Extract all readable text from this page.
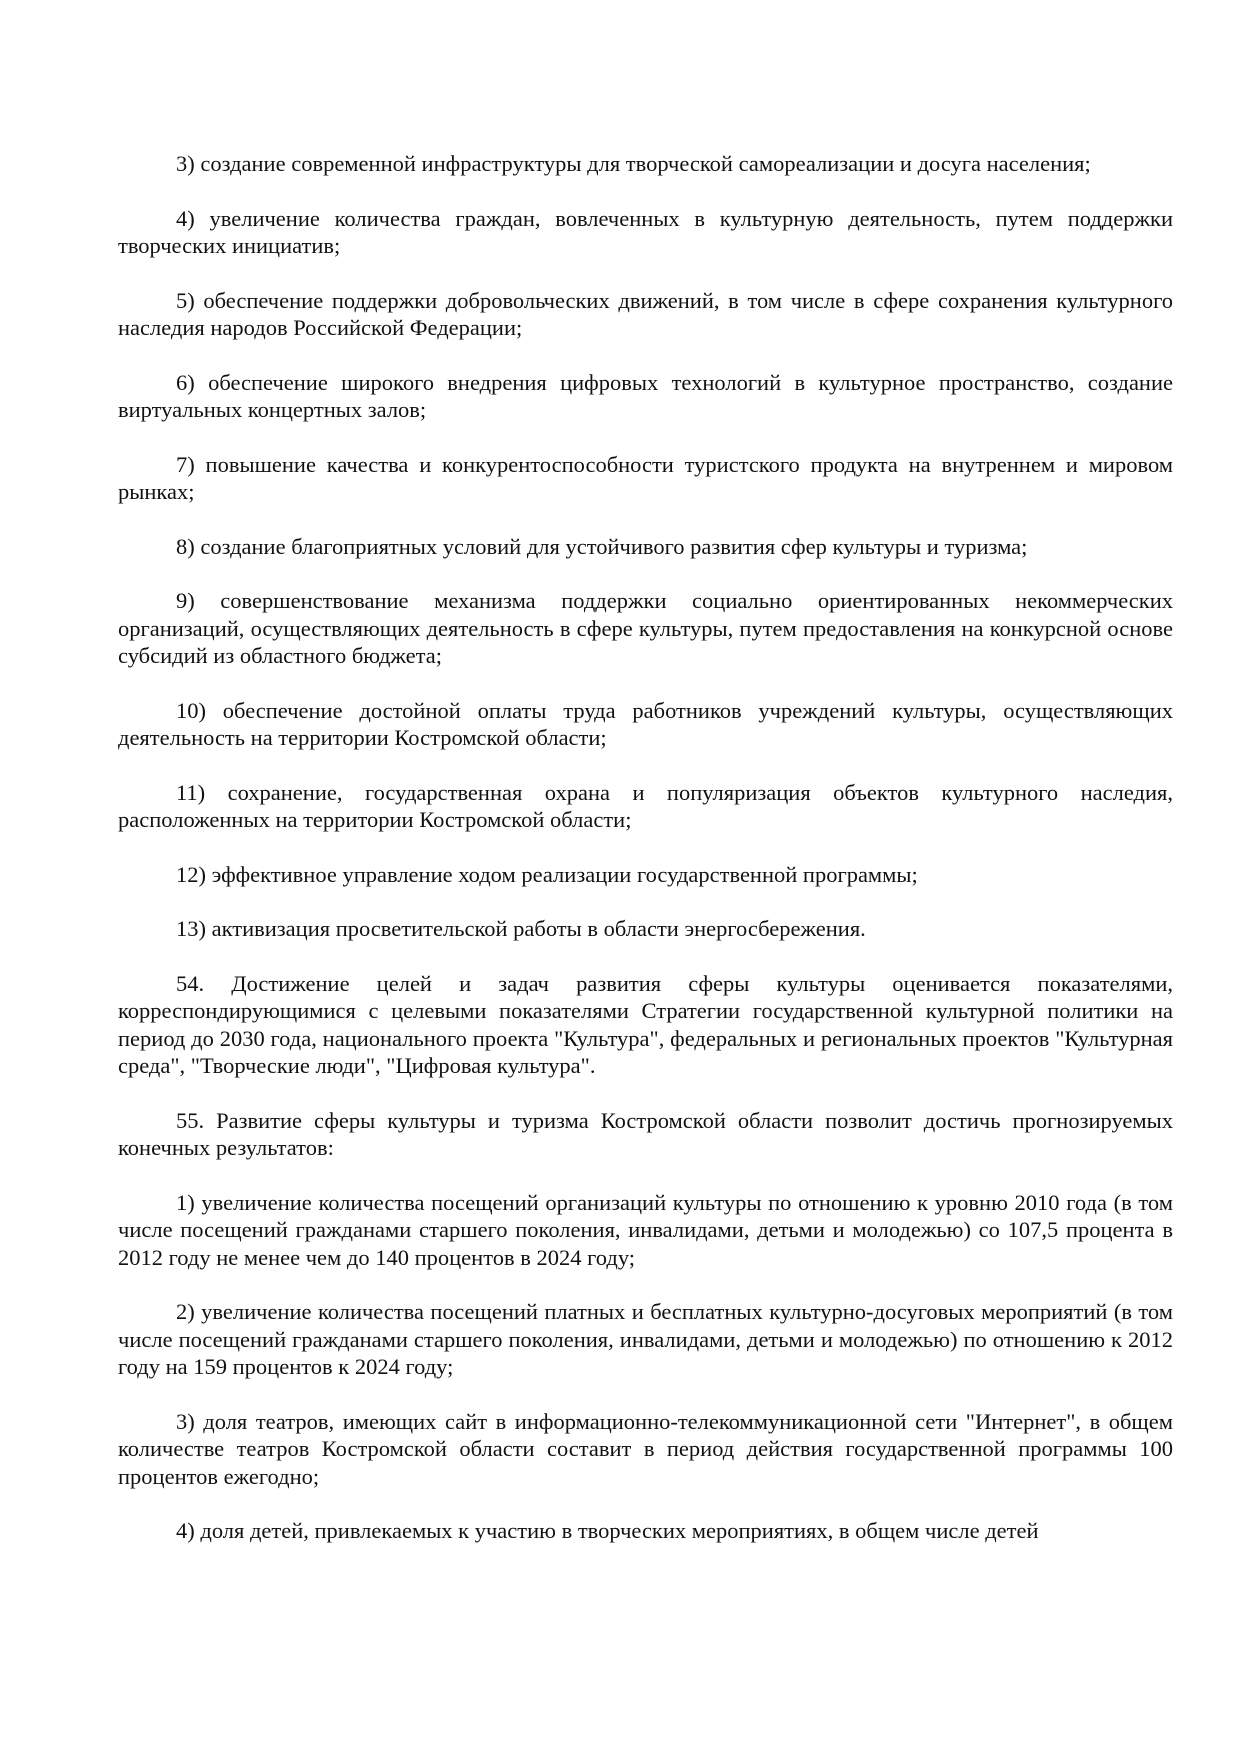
3) создание современной инфраструктуры для творческой самореализации и досуга населения;

4) увеличение количества граждан, вовлеченных в культурную деятельность, путем поддержки творческих инициатив;

5) обеспечение поддержки добровольческих движений, в том числе в сфере сохранения культурного наследия народов Российской Федерации;

6) обеспечение широкого внедрения цифровых технологий в культурное пространство, создание виртуальных концертных залов;

7) повышение качества и конкурентоспособности туристского продукта на внутреннем и мировом рынках;

8) создание благоприятных условий для устойчивого развития сфер культуры и туризма;

9) совершенствование механизма поддержки социально ориентированных некоммерческих организаций, осуществляющих деятельность в сфере культуры, путем предоставления на конкурсной основе субсидий из областного бюджета;

10) обеспечение достойной оплаты труда работников учреждений культуры, осуществляющих деятельность на территории Костромской области;

11) сохранение, государственная охрана и популяризация объектов культурного наследия, расположенных на территории Костромской области;

12) эффективное управление ходом реализации государственной программы;

13) активизация просветительской работы в области энергосбережения.

54. Достижение целей и задач развития сферы культуры оценивается показателями, корреспондирующимися с целевыми показателями Стратегии государственной культурной политики на период до 2030 года, национального проекта "Культура", федеральных и региональных проектов "Культурная среда", "Творческие люди", "Цифровая культура".

55. Развитие сферы культуры и туризма Костромской области позволит достичь прогнозируемых конечных результатов:

1) увеличение количества посещений организаций культуры по отношению к уровню 2010 года (в том числе посещений гражданами старшего поколения, инвалидами, детьми и молодежью) со 107,5 процента в 2012 году не менее чем до 140 процентов в 2024 году;

2) увеличение количества посещений платных и бесплатных культурно-досуговых мероприятий (в том числе посещений гражданами старшего поколения, инвалидами, детьми и молодежью) по отношению к 2012 году на 159 процентов к 2024 году;

3) доля театров, имеющих сайт в информационно-телекоммуникационной сети "Интернет", в общем количестве театров Костромской области составит в период действия государственной программы 100 процентов ежегодно;

4) доля детей, привлекаемых к участию в творческих мероприятиях, в общем числе детей
